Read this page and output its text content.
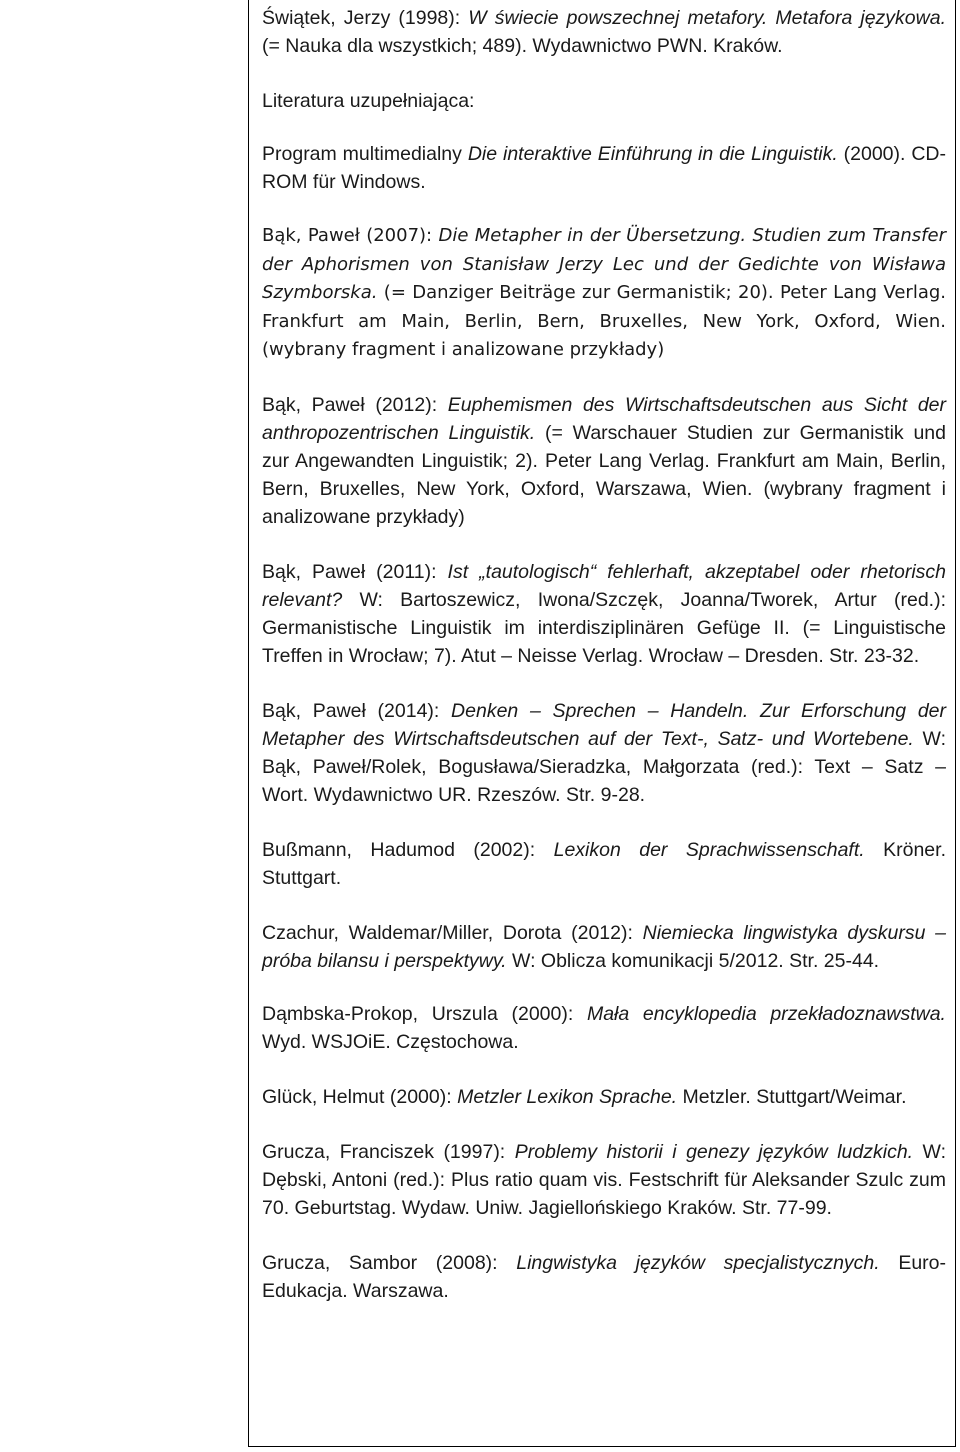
Świątek, Jerzy (1998): W świecie powszechnej metafory. Metafora językowa. (= Nauka dla wszystkich; 489). Wydawnictwo PWN. Kraków.

Literatura uzupełniająca:

Program multimedialny Die interaktive Einführung in die Linguistik. (2000). CD- ROM für Windows.

Bąk, Paweł (2007): Die Metapher in der Übersetzung. Studien zum Transfer der Aphorismen von Stanisław Jerzy Lec und der Gedichte von Wisława Szymborska. (= Danziger Beiträge zur Germanistik; 20). Peter Lang Verlag. Frankfurt am Main, Berlin, Bern, Bruxelles, New York, Oxford, Wien. (wybrany fragment i analizowane przykłady)

Bąk, Paweł (2012): Euphemismen des Wirtschaftsdeutschen aus Sicht der anthropozentrischen Linguistik. (= Warschauer Studien zur Germanistik und zur Angewandten Linguistik; 2). Peter Lang Verlag. Frankfurt am Main, Berlin, Bern, Bruxelles, New York, Oxford, Warszawa, Wien. (wybrany fragment i analizowane przykłady)

Bąk, Paweł (2011): Ist „tautologisch“ fehlerhaft, akzeptabel oder rhetorisch relevant? W: Bartoszewicz, Iwona/Szczęk, Joanna/Tworek, Artur (red.): Germanistische Linguistik im interdisziplinären Gefüge II. (= Linguistische Treffen in Wrocław; 7). Atut – Neisse Verlag. Wrocław – Dresden. Str. 23-32.

Bąk, Paweł (2014): Denken – Sprechen – Handeln. Zur Erforschung der Metapher des Wirtschaftsdeutschen auf der Text-, Satz- und Wortebene. W: Bąk, Paweł/Rolek, Bogusława/Sieradzka, Małgorzata (red.): Text – Satz – Wort. Wydawnictwo UR. Rzeszów. Str. 9-28.

Bußmann, Hadumod (2002): Lexikon der Sprachwissenschaft. Kröner. Stuttgart.

Czachur, Waldemar/Miller, Dorota (2012): Niemiecka lingwistyka dyskursu – próba bilansu i perspektywy. W: Oblicza komunikacji 5/2012. Str. 25-44.

Dąmbska-Prokop, Urszula (2000): Mała encyklopedia przekładoznawstwa. Wyd. WSJOiE. Częstochowa.

Glück, Helmut (2000): Metzler Lexikon Sprache. Metzler. Stuttgart/Weimar.

Grucza, Franciszek (1997): Problemy historii i genezy języków ludzkich. W: Dębski, Antoni (red.): Plus ratio quam vis. Festschrift für Aleksander Szulc zum 70. Geburtstag. Wydaw. Uniw. Jagiellońskiego Kraków. Str. 77-99.

Grucza, Sambor (2008): Lingwistyka języków specjalistycznych. Euro-Edukacja. Warszawa.
